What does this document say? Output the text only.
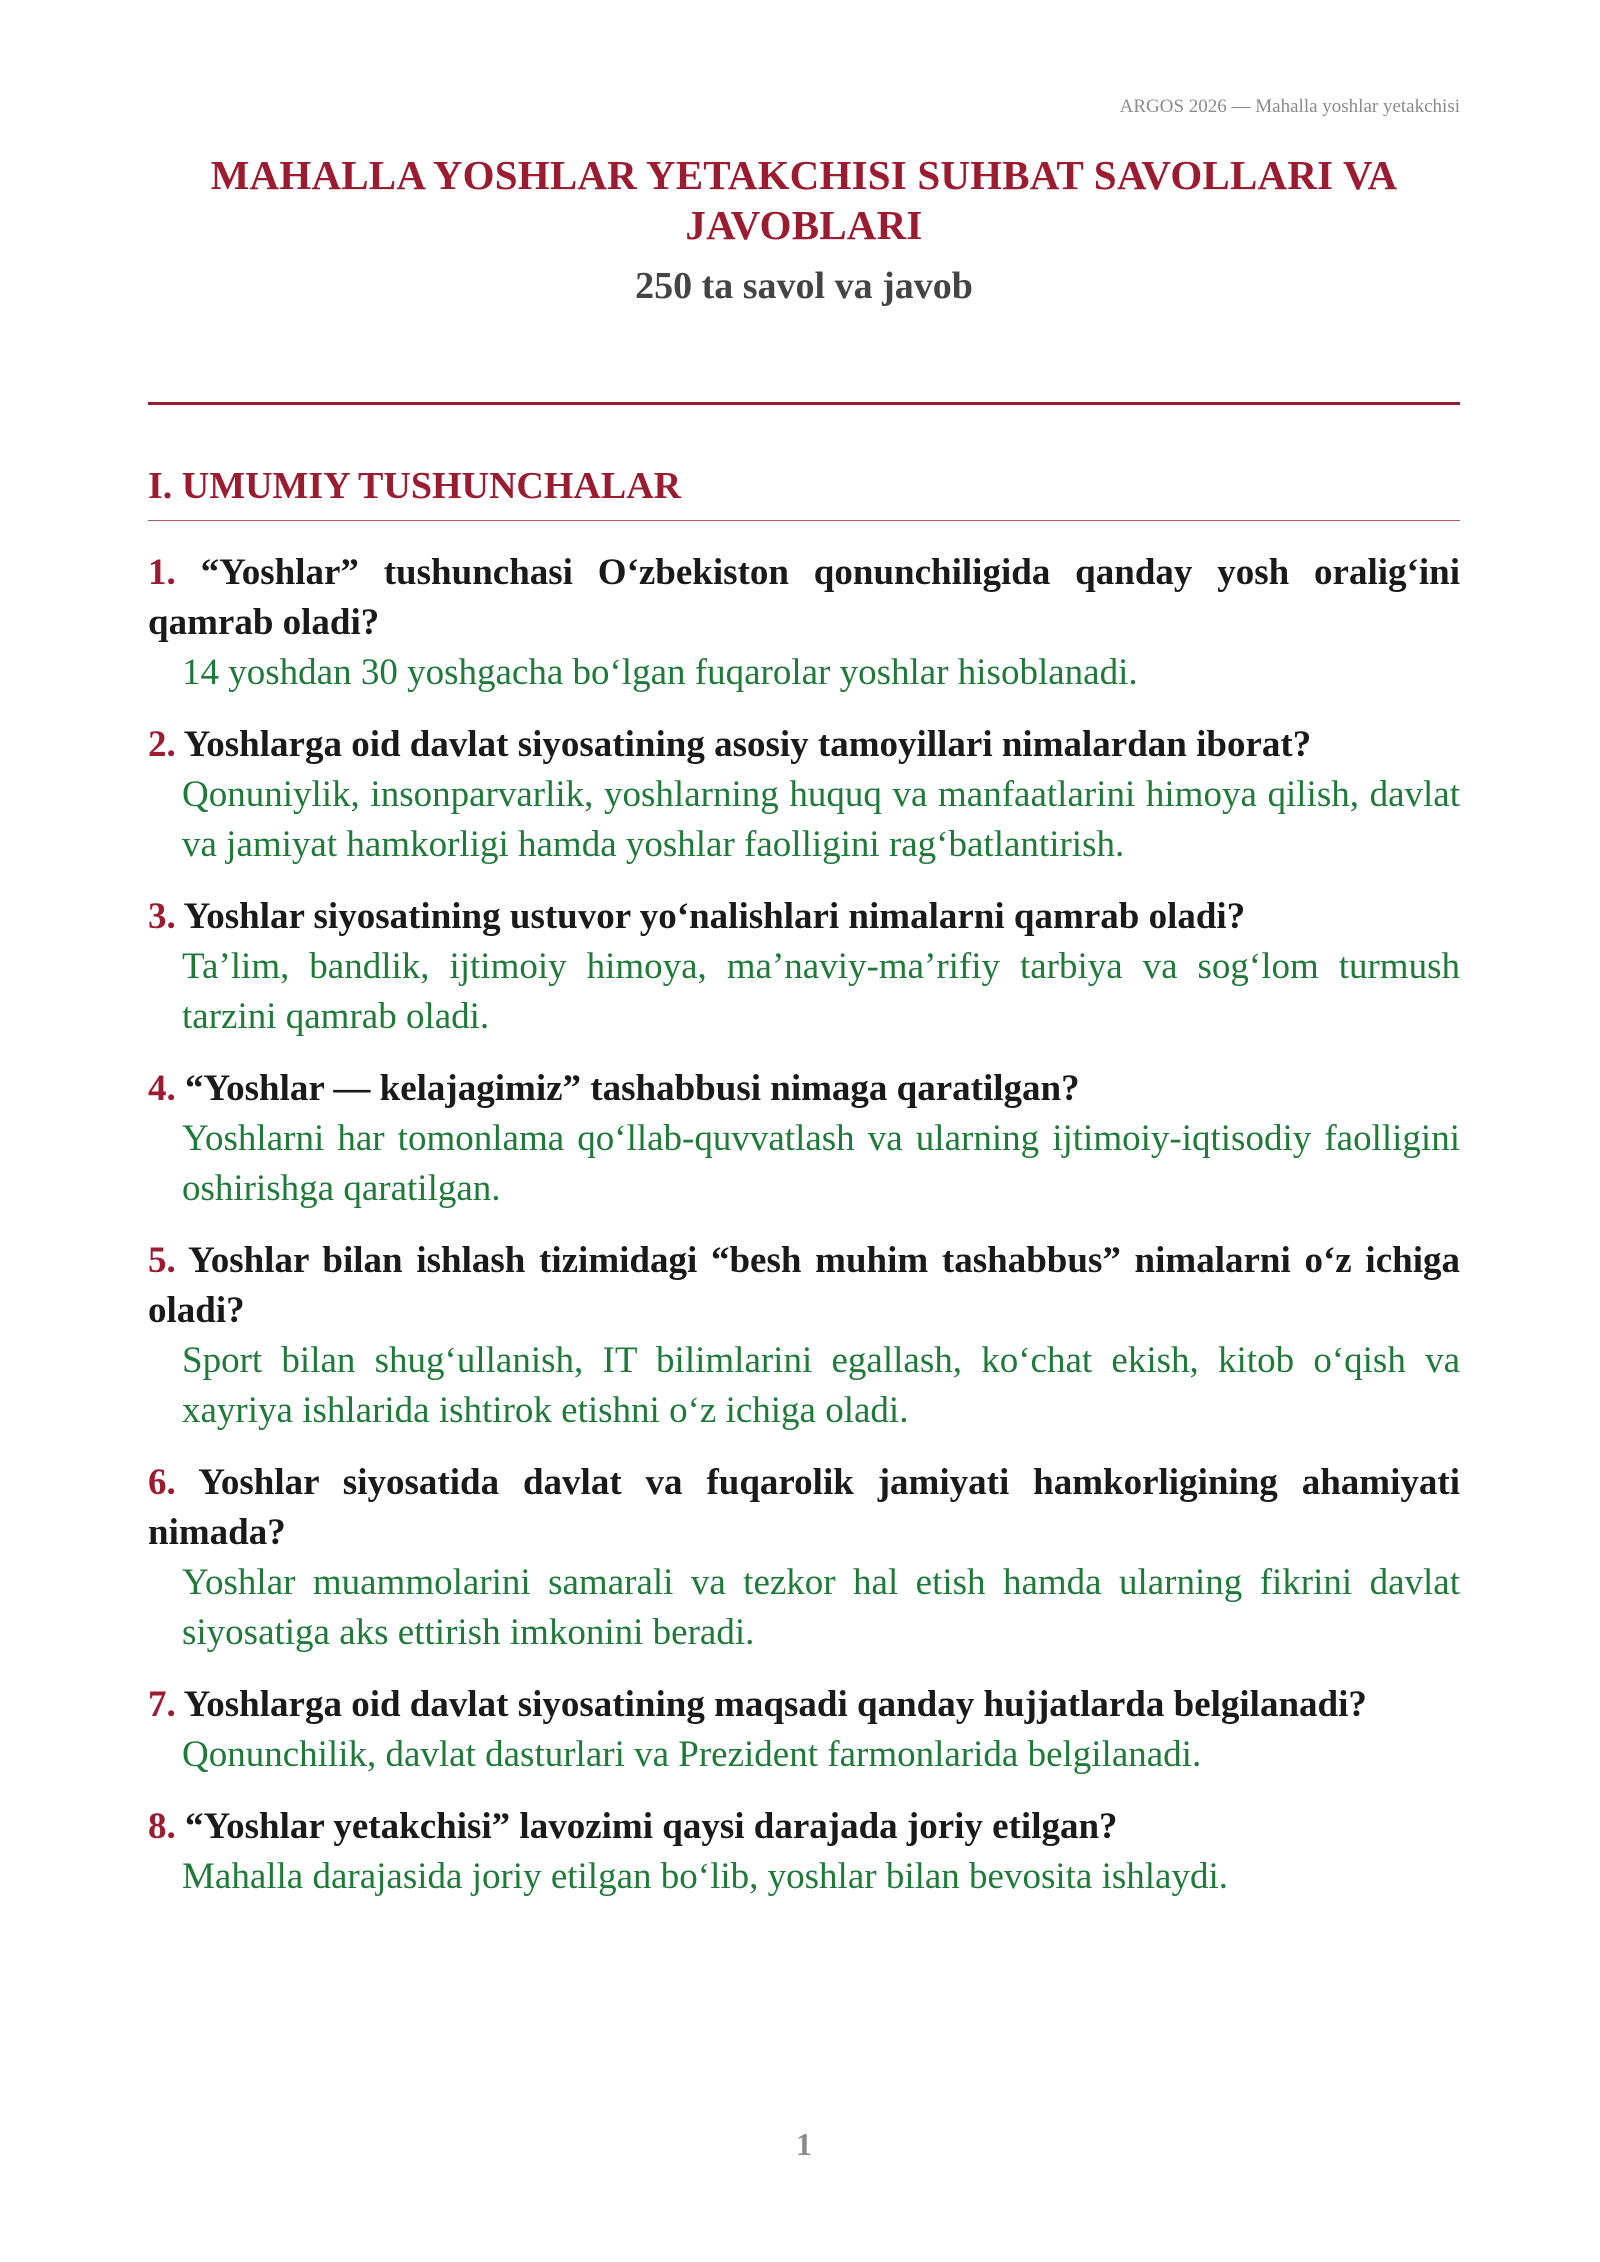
ARGOS 2026 — Mahalla yoshlar yetakchisi
MAHALLA YOSHLAR YETAKCHISI SUHBAT SAVOLLARI VA JAVOBLARI
250 ta savol va javob
I. UMUMIY TUSHUNCHALAR

1. “Yoshlar” tushunchasi O‘zbekiston qonunchiligida qanday yosh oralig‘ini qamrab oladi?

14 yoshdan 30 yoshgacha bo‘lgan fuqarolar yoshlar hisoblanadi.

2. Yoshlarga oid davlat siyosatining asosiy tamoyillari nimalardan iborat?

Qonuniylik, insonparvarlik, yoshlarning huquq va manfaatlarini himoya qilish, davlat va jamiyat hamkorligi hamda yoshlar faolligini rag‘batlantirish.

3. Yoshlar siyosatining ustuvor yo‘nalishlari nimalarni qamrab oladi?

Ta’lim, bandlik, ijtimoiy himoya, ma’naviy-ma’rifiy tarbiya va sog‘lom turmush tarzini qamrab oladi.

4. “Yoshlar — kelajagimiz” tashabbusi nimaga qaratilgan?

Yoshlarni har tomonlama qo‘llab-quvvatlash va ularning ijtimoiy-iqtisodiy faolligini oshirishga qaratilgan.

5. Yoshlar bilan ishlash tizimidagi “besh muhim tashabbus” nimalarni o‘z ichiga oladi?

Sport bilan shug‘ullanish, IT bilimlarini egallash, ko‘chat ekish, kitob o‘qish va xayriya ishlarida ishtirok etishni o‘z ichiga oladi.

6. Yoshlar siyosatida davlat va fuqarolik jamiyati hamkorligining ahamiyati nimada?

Yoshlar muammolarini samarali va tezkor hal etish hamda ularning fikrini davlat siyosatiga aks ettirish imkonini beradi.

7. Yoshlarga oid davlat siyosatining maqsadi qanday hujjatlarda belgilanadi?

Qonunchilik, davlat dasturlari va Prezident farmonlarida belgilanadi.

8. “Yoshlar yetakchisi” lavozimi qaysi darajada joriy etilgan?

Mahalla darajasida joriy etilgan bo‘lib, yoshlar bilan bevosita ishlaydi.

1
